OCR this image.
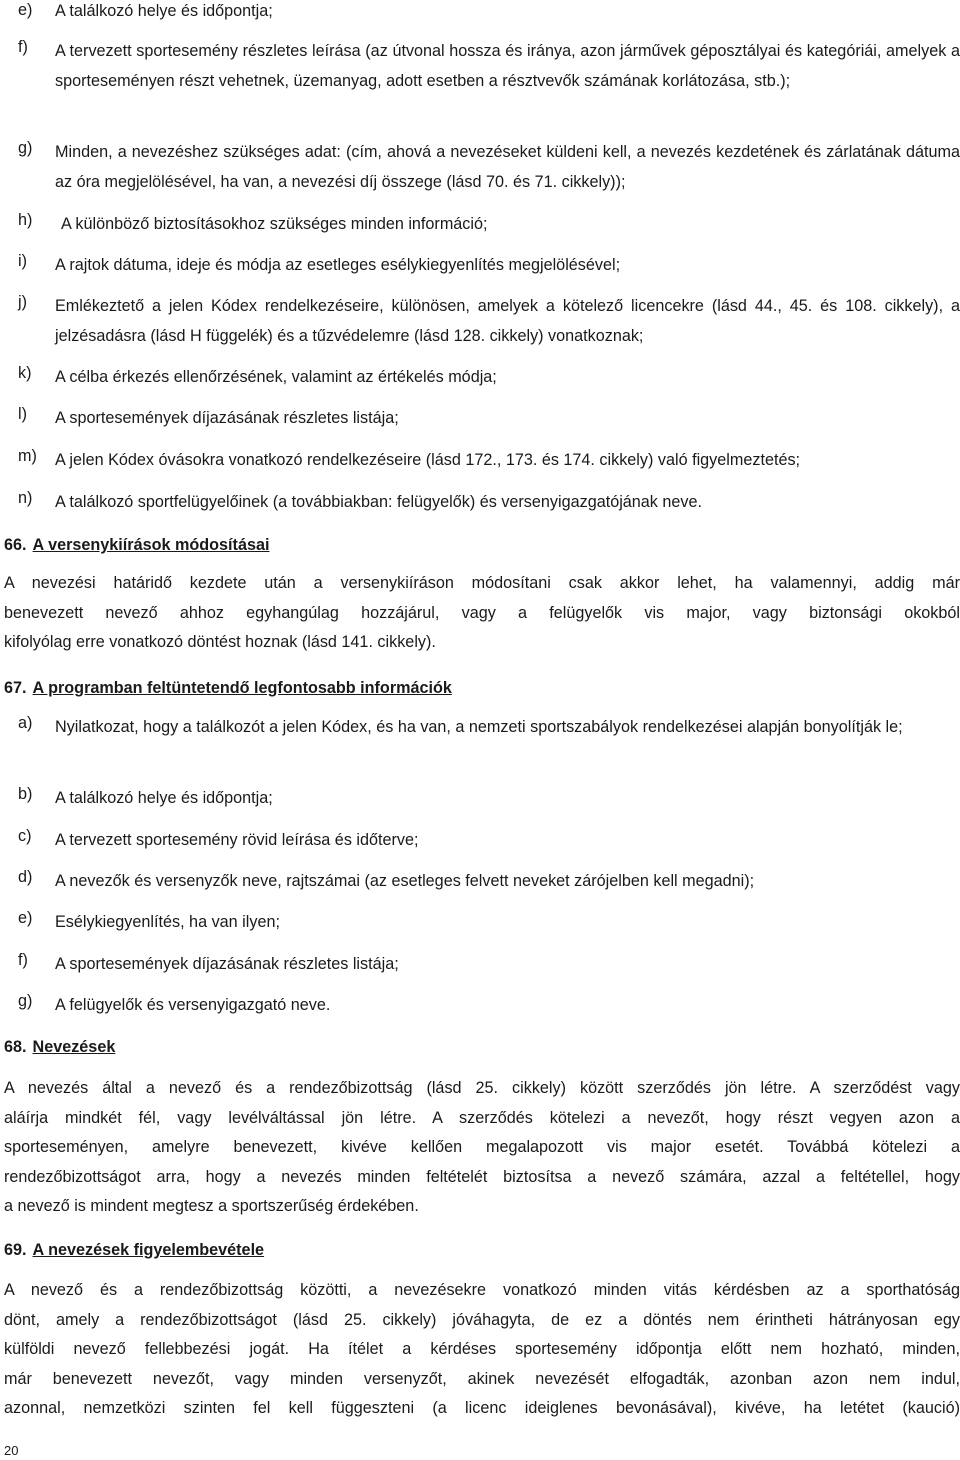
e)	A találkozó helye és időpontja;
f)	A tervezett sportesemény részletes leírása (az útvonal hossza és iránya, azon járművek géposztályai és kategóriái, amelyek a sporteseményen részt vehetnek, üzemanyag, adott esetben a résztvevők számának korlátozása, stb.);
g)	Minden, a nevezéshez szükséges adat: (cím, ahová a nevezéseket küldeni kell, a nevezés kezdetének és zárlatának dátuma az óra megjelölésével, ha van, a nevezési díj összege (lásd 70. és 71. cikkely));
h)	A különböző biztosításokhoz szükséges minden információ;
i)	A rajtok dátuma, ideje és módja az esetleges esélykiegyenlítés megjelölésével;
j)	Emlékeztető a jelen Kódex rendelkezéseire, különösen, amelyek a kötelező licencekre (lásd 44., 45. és 108. cikkely), a jelzésadásra (lásd H függelék) és a tűzvédelemre (lásd 128. cikkely) vonatkoznak;
k)	A célba érkezés ellenőrzésének, valamint az értékelés módja;
l)	A sportesemények díjazásának részletes listája;
m)	A jelen Kódex óvásokra vonatkozó rendelkezéseire (lásd 172., 173. és 174. cikkely) való figyelmeztetés;
n)	A találkozó sportfelügyelőinek (a továbbiakban: felügyelők) és versenyigazgatójának neve.
66. A versenykiírások módosításai
A nevezési határidő kezdete után a versenykiíráson módosítani csak akkor lehet, ha valamennyi, addig már
benevezett nevező ahhoz egyhangúlag hozzájárul, vagy a felügyelők vis major, vagy biztonsági okokból
kifolyólag erre vonatkozó döntést hoznak (lásd 141. cikkely).
67. A programban feltüntetendő legfontosabb információk
a)	Nyilatkozat, hogy a találkozót a jelen Kódex, és ha van, a nemzeti sportszabályok rendelkezései alapján bonyolítják le;
b)	A találkozó helye és időpontja;
c)	A tervezett sportesemény rövid leírása és időterve;
d)	A nevezők és versenyzők neve, rajtszámai (az esetleges felvett neveket zárójelben kell megadni);
e)	Esélykiegyenlítés, ha van ilyen;
f)	A sportesemények díjazásának részletes listája;
g)	A felügyelők és versenyigazgató neve.
68. Nevezések
A nevezés által a nevező és a rendezőbizottság (lásd 25. cikkely) között szerződés jön létre. A szerződést vagy
aláírja mindkét fél, vagy levélváltással jön létre. A szerződés kötelezi a nevezőt, hogy részt vegyen azon a
sporteseményen, amelyre benevezett, kivéve kellően megalapozott vis major esetét. Továbbá kötelezi a
rendezőbizottságot arra, hogy a nevezés minden feltételét biztosítsa a nevező számára, azzal a feltétellel, hogy
a nevező is mindent megtesz a sportszerűség érdekében.
69. A nevezések figyelembevétele
A nevező és a rendezőbizottság közötti, a nevezésekre vonatkozó minden vitás kérdésben az a sporthatóság
dönt, amely a rendezőbizottságot (lásd 25. cikkely) jóváhagyta, de ez a döntés nem érintheti hátrányosan egy
külföldi nevező fellebbezési jogát. Ha ítélet a kérdéses sportesemény időpontja előtt nem hozható, minden,
már benevezett nevezőt, vagy minden versenyzőt, akinek nevezését elfogadták, azonban azon nem indul,
azonnal, nemzetközi szinten fel kell függeszteni (a licenc ideiglenes bevonásával), kivéve, ha letétet (kaució)
20
